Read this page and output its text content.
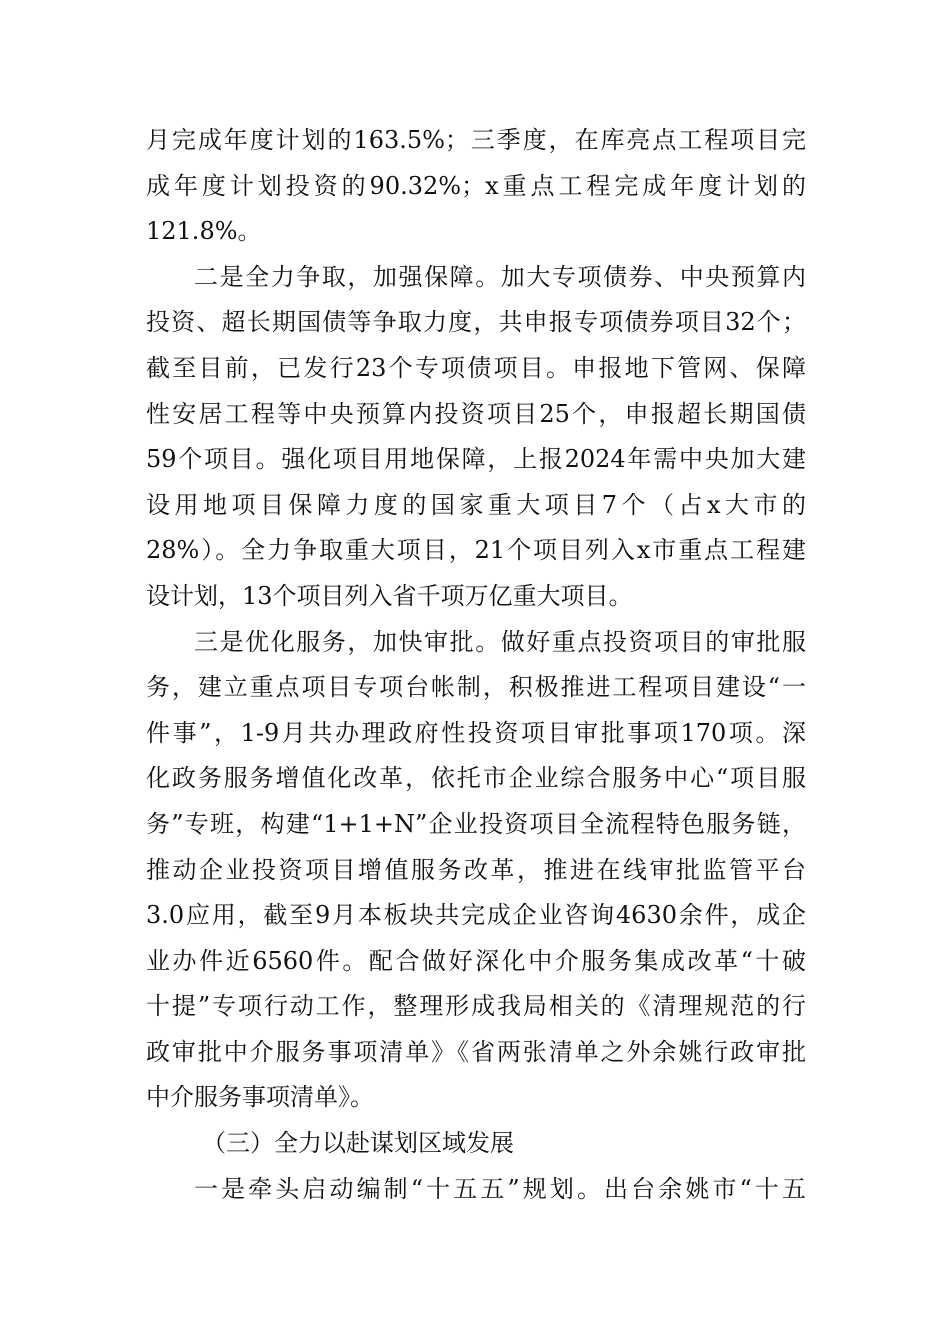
月完成年度计划的163.5%；三季度，在库亮点工程项目完
成年度计划投资的90.32%；x重点工程完成年度计划的
121.8%。
二是全力争取，加强保障。加大专项债券、中央预算内
投资、超长期国债等争取力度，共申报专项债券项目32个；
截至目前，已发行23个专项债项目。申报地下管网、保障
性安居工程等中央预算内投资项目25个，申报超长期国债
59个项目。强化项目用地保障，上报2024年需中央加大建
设用地项目保障力度的国家重大项目7个（占x大市的
28%）。全力争取重大项目，21个项目列入x市重点工程建
设计划，13个项目列入省千项万亿重大项目。
三是优化服务，加快审批。做好重点投资项目的审批服
务，建立重点项目专项台帐制，积极推进工程项目建设“一
件事”，1-9月共办理政府性投资项目审批事项170项。深
化政务服务增值化改革，依托市企业综合服务中心“项目服
务”专班，构建“1+1+N”企业投资项目全流程特色服务链，
推动企业投资项目增值服务改革，推进在线审批监管平台
3.0应用，截至9月本板块共完成企业咨询4630余件，成企
业办件近6560件。配合做好深化中介服务集成改革“十破
十提”专项行动工作，整理形成我局相关的《清理规范的行
政审批中介服务事项清单》《省两张清单之外余姚行政审批
中介服务事项清单》。
（三）全力以赴谋划区域发展
一是牵头启动编制“十五五”规划。出台余姚市“十五
